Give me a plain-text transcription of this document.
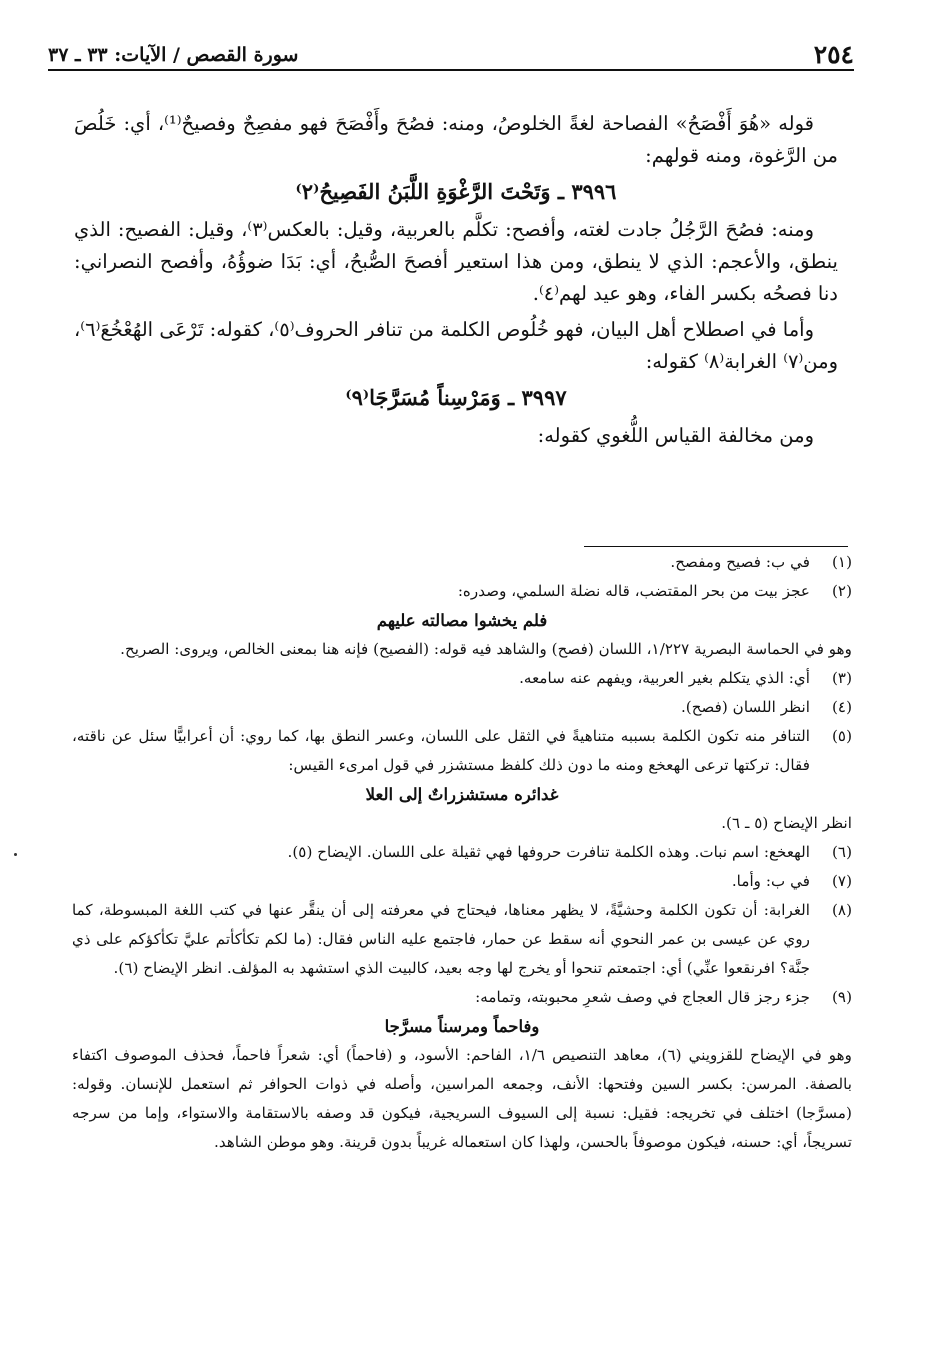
٢٥٤
سورة القصص / الآيات: ٣٣ ـ ٣٧

قوله «هُوَ أَفْصَحُ» الفصاحة لغةً الخلوصُ، ومنه: فصُحَ وأَفْصَحَ فهو مفصِحٌ وفصيحٌ⁽¹⁾، أي: خَلُصَ من الرَّغوة، ومنه قولهم:

٣٩٩٦ ـ وَتَحْتَ الرَّغْوَةِ اللَّبَنُ الفَصِيحُ⁽٢⁾

ومنه: فصُحَ الرَّجُلُ جادت لغته، وأفصح: تكلَّم بالعربية، وقيل: بالعكس⁽٣⁾، وقيل: الفصيح: الذي ينطق، والأعجم: الذي لا ينطق، ومن هذا استعير أفصحَ الصُّبحُ، أي: بَدَا ضوؤُهُ، وأفصح النصراني: دنا فصحُه بكسر الفاء، وهو عيد لهم⁽٤⁾.

وأما في اصطلاح أهل البيان، فهو خُلُوص الكلمة من تنافر الحروف⁽٥⁾، كقوله: تَرْعَى الهُعْخُعَ⁽٦⁾، ومن⁽٧⁾ الغرابة⁽٨⁾ كقوله:

٣٩٩٧ ـ وَمَرْسِناً مُسَرَّجَا⁽٩⁾

ومن مخالفة القياس اللُّغوي كقوله:

(١)
في ب: فصيح ومفصح.
(٢)
عجز بيت من بحر المقتضب، قاله نضلة السلمي، وصدره:
فلم يخشوا مصالته عليهم
وهو في الحماسة البصرية ١/٢٢٧، اللسان (فصح) والشاهد فيه قوله: (الفصيح) فإنه هنا بمعنى الخالص، ويروى: الصريح.
(٣)
أي: الذي يتكلم بغير العربية، ويفهم عنه سامعه.
(٤)
انظر اللسان (فصح).
(٥)
التنافر منه تكون الكلمة بسببه متناهيةً في الثقل على اللسان، وعسر النطق بها، كما روي: أن أعرابيًّا سئل عن ناقته، فقال: تركتها ترعى الهعخع ومنه ما دون ذلك كلفظ مستشزر في قول امرىء القيس:
غدائره مستشزراتٌ إلى العلا
انظر الإيضاح (٥ ـ ٦).
(٦)
الهعخع: اسم نبات. وهذه الكلمة تنافرت حروفها فهي ثقيلة على اللسان. الإيضاح (٥).
(٧)
في ب: وأما.
(٨)
الغرابة: أن تكون الكلمة وحشيَّةً، لا يظهر معناها، فيحتاج في معرفته إلى أن ينقَّر عنها في كتب اللغة المبسوطة، كما روي عن عيسى بن عمر النحوي أنه سقط عن حمار، فاجتمع عليه الناس فقال: (ما لكم تكأكأتم عليَّ تكأكؤكم على ذي جنَّة؟ افرنقعوا عنِّي) أي: اجتمعتم تنحوا أو يخرج لها وجه بعيد، كالبيت الذي استشهد به المؤلف. انظر الإيضاح (٦).
(٩)
جزء رجز قال العجاج في وصف شعرِ محبوبته، وتمامه:
وفاحماً ومرسناً مسرَّجا
وهو في الإيضاح للقزويني (٦)، معاهد التنصيص ١/٦، الفاحم: الأسود، و (فاحماً) أي: شعراً فاحماً، فحذف الموصوف اكتفاء بالصفة. المرسن: بكسر السين وفتحها: الأنف، وجمعه المراسين، وأصله في ذوات الحوافر ثم استعمل للإنسان. وقوله: (مسرَّجا) اختلف في تخريجه: فقيل: نسبة إلى السيوف السريجية، فيكون قد وصفه بالاستقامة والاستواء، وإما من سرجه تسريجاً، أي: حسنه، فيكون موصوفاً بالحسن، ولهذا كان استعماله غريباً بدون قرينة. وهو موطن الشاهد.
